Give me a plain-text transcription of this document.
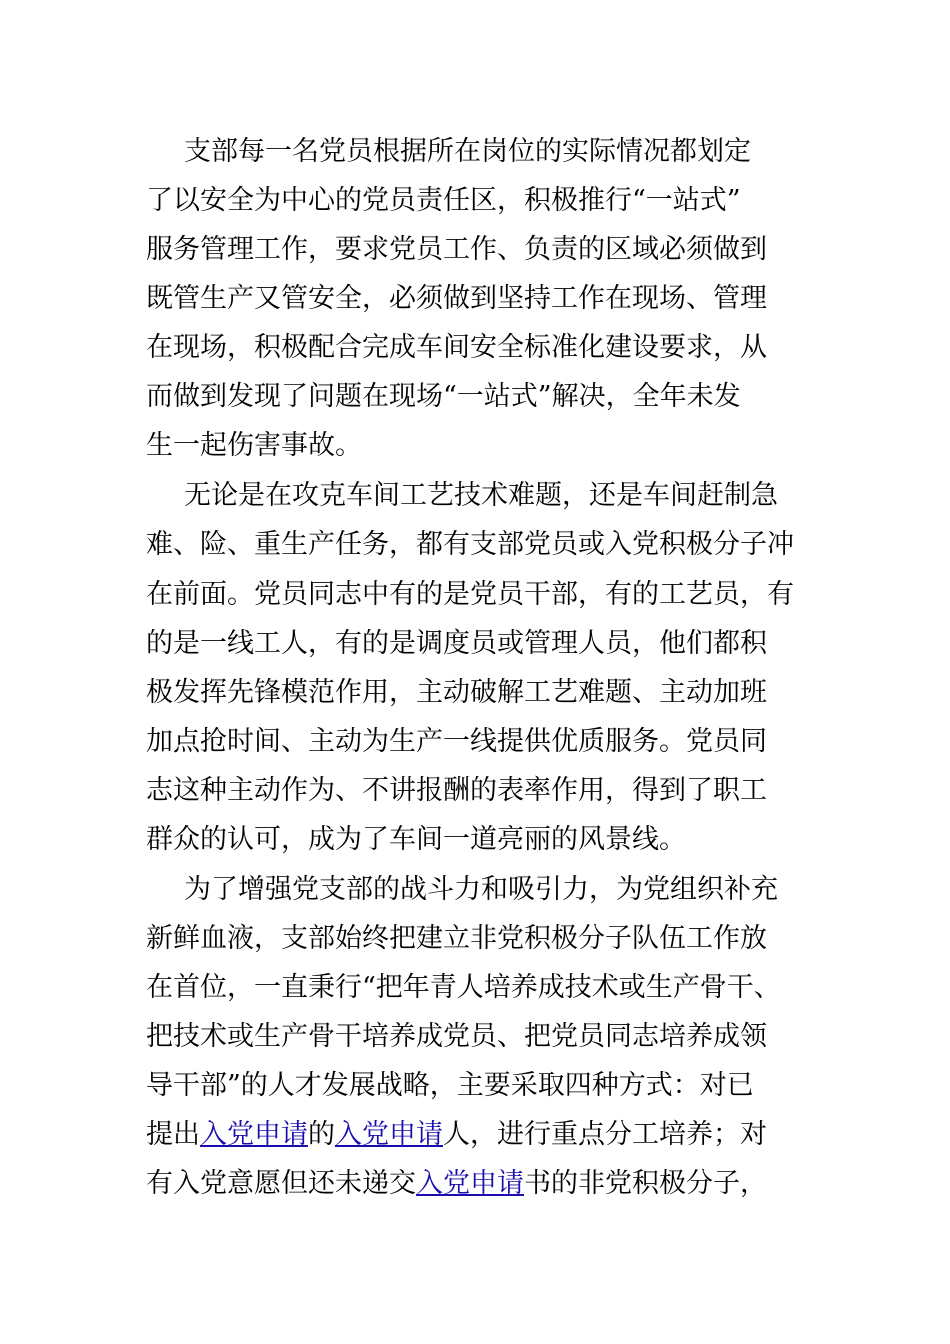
支部每一名党员根据所在岗位的实际情况都划定
了以安全为中心的党员责任区，积极推行“一站式”
服务管理工作，要求党员工作、负责的区域必须做到
既管生产又管安全，必须做到坚持工作在现场、管理
在现场，积极配合完成车间安全标准化建设要求，从
而做到发现了问题在现场“一站式”解决，全年未发
生一起伤害事故。
无论是在攻克车间工艺技术难题，还是车间赶制急
难、险、重生产任务，都有支部党员或入党积极分子冲
在前面。党员同志中有的是党员干部，有的工艺员，有
的是一线工人，有的是调度员或管理人员，他们都积
极发挥先锋模范作用，主动破解工艺难题、主动加班
加点抢时间、主动为生产一线提供优质服务。党员同
志这种主动作为、不讲报酬的表率作用，得到了职工
群众的认可，成为了车间一道亮丽的风景线。
为了增强党支部的战斗力和吸引力，为党组织补充
新鲜血液，支部始终把建立非党积极分子队伍工作放
在首位，一直秉行“把年青人培养成技术或生产骨干、
把技术或生产骨干培养成党员、把党员同志培养成领
导干部”的人才发展战略，主要采取四种方式：对已
提出入党申请的入党申请人，进行重点分工培养；对
有入党意愿但还未递交入党申请书的非党积极分子，
